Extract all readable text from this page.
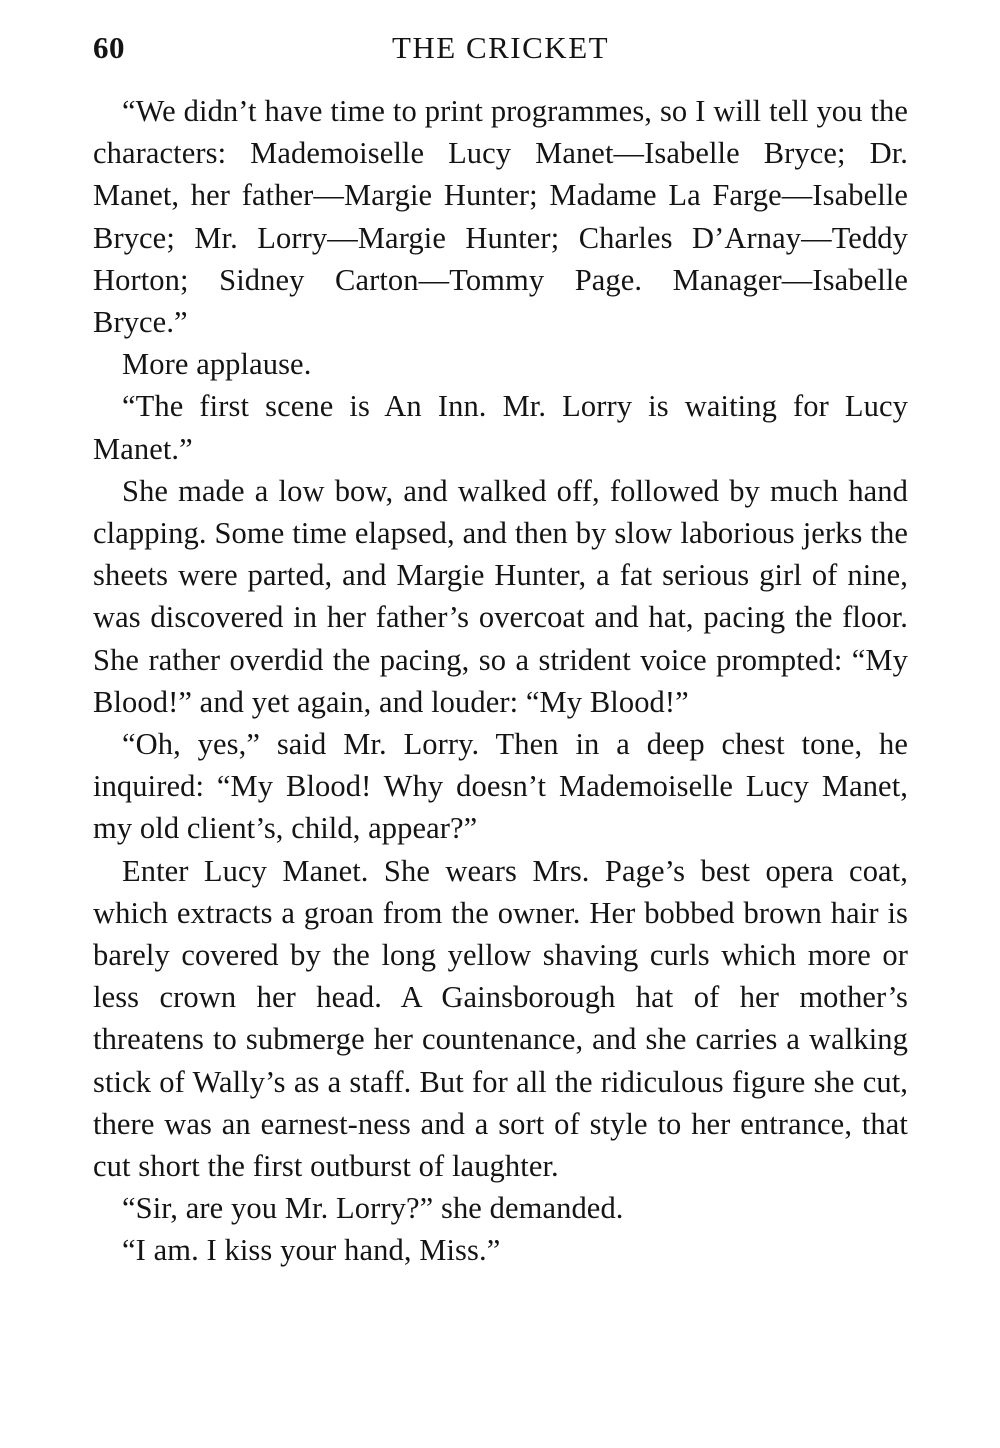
60	THE CRICKET

“We didn’t have time to print programmes, so I will tell you the characters: Mademoiselle Lucy Manet—Isabelle Bryce; Dr. Manet, her father—Margie Hunter; Madame La Farge—Isabelle Bryce; Mr. Lorry—Margie Hunter; Charles D’Arnay—Teddy Horton; Sidney Carton—Tommy Page. Manager—Isabelle Bryce.”

More applause.

“The first scene is An Inn. Mr. Lorry is waiting for Lucy Manet.”

She made a low bow, and walked off, followed by much hand clapping. Some time elapsed, and then by slow laborious jerks the sheets were parted, and Margie Hunter, a fat serious girl of nine, was discovered in her father’s overcoat and hat, pacing the floor. She rather overdid the pacing, so a strident voice prompted: “My Blood!” and yet again, and louder: “My Blood!”

“Oh, yes,” said Mr. Lorry. Then in a deep chest tone, he inquired: “My Blood! Why doesn’t Mademoiselle Lucy Manet, my old client’s, child, appear?”

Enter Lucy Manet. She wears Mrs. Page’s best opera coat, which extracts a groan from the owner. Her bobbed brown hair is barely covered by the long yellow shaving curls which more or less crown her head. A Gainsborough hat of her mother’s threatens to submerge her countenance, and she carries a walking stick of Wally’s as a staff. But for all the ridiculous figure she cut, there was an earnest-ness and a sort of style to her entrance, that cut short the first outburst of laughter.

“Sir, are you Mr. Lorry?” she demanded.

“I am. I kiss your hand, Miss.”
